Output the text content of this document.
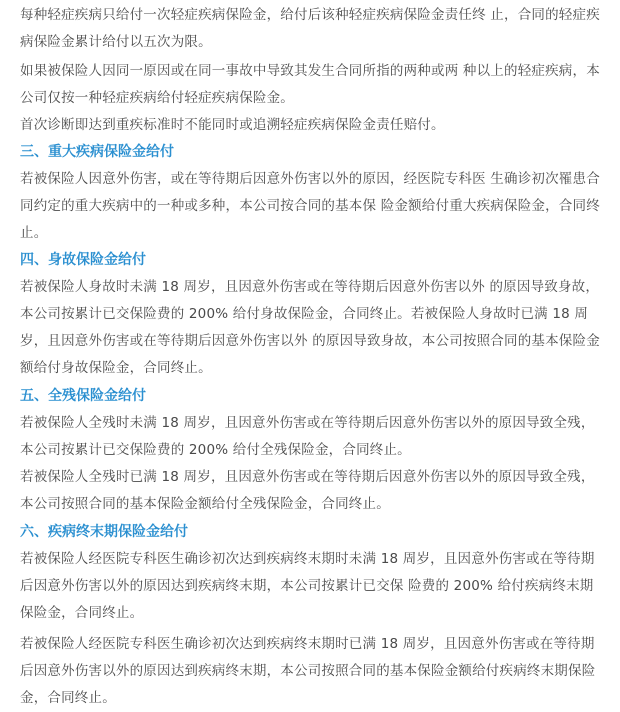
每种轻症疾病只给付一次轻症疾病保险金，给付后该种轻症疾病保险金责任终 止，合同的轻症疾病保险金累计给付以五次为限。

如果被保险人因同一原因或在同一事故中导致其发生合同所指的两种或两 种以上的轻症疾病，本公司仅按一种轻症疾病给付轻症疾病保险金。

首次诊断即达到重疾标准时不能同时或追溯轻症疾病保险金责任赔付。

三、重大疾病保险金给付

若被保险人因意外伤害，或在等待期后因意外伤害以外的原因，经医院专科医 生确诊初次罹患合同约定的重大疾病中的一种或多种，本公司按合同的基本保 险金额给付重大疾病保险金，合同终止。

四、身故保险金给付

若被保险人身故时未满 18 周岁，且因意外伤害或在等待期后因意外伤害以外 的原因导致身故，本公司按累计已交保险费的 200% 给付身故保险金，合同终止。若被保险人身故时已满 18 周岁，且因意外伤害或在等待期后因意外伤害以外 的原因导致身故，本公司按照合同的基本保险金额给付身故保险金，合同终止。

五、全残保险金给付

若被保险人全残时未满 18 周岁，且因意外伤害或在等待期后因意外伤害以外的原因导致全残，本公司按累计已交保险费的 200% 给付全残保险金，合同终止。

若被保险人全残时已满 18 周岁，且因意外伤害或在等待期后因意外伤害以外的原因导致全残，本公司按照合同的基本保险金额给付全残保险金，合同终止。

六、疾病终末期保险金给付

若被保险人经医院专科医生确诊初次达到疾病终末期时未满 18 周岁，且因意外伤害或在等待期后因意外伤害以外的原因达到疾病终末期，本公司按累计已交保 险费的 200% 给付疾病终末期保险金，合同终止。

若被保险人经医院专科医生确诊初次达到疾病终末期时已满 18 周岁，且因意外伤害或在等待期后因意外伤害以外的原因达到疾病终末期，本公司按照合同的基本保险金额给付疾病终末期保险金，合同终止。
